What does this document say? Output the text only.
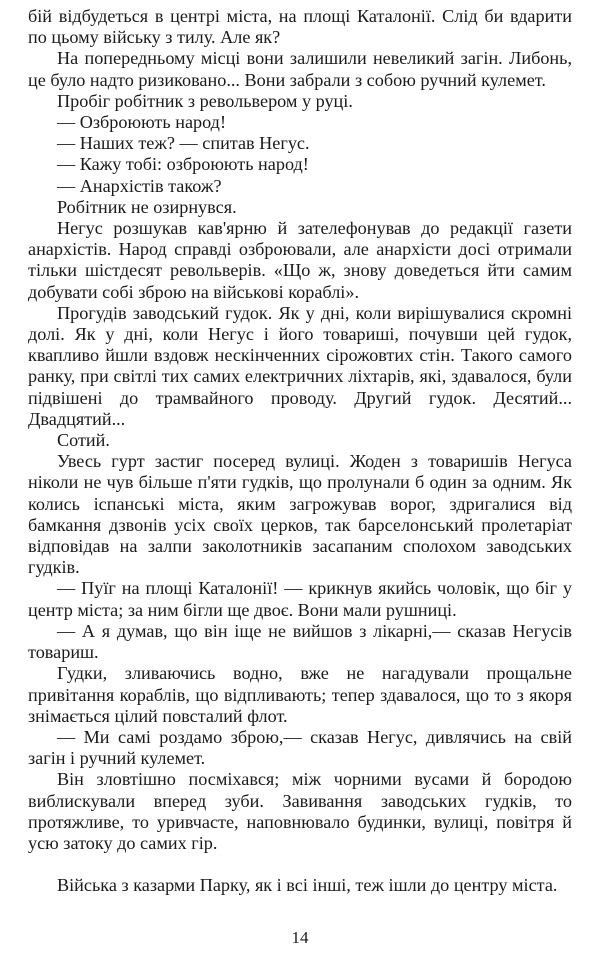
бій відбудеться в центрі міста, на площі Каталонії. Слід би вдарити по цьому війську з тилу. Але як?

На попередньому місці вони залишили невеликий загін. Либонь, це було надто ризиковано... Вони забрали з собою ручний кулемет.

Пробіг робітник з револьвером у руці.

— Озброюють народ!

— Наших теж? — спитав Негус.

— Кажу тобі: озброюють народ!

— Анархістів також?

Робітник не озирнувся.

Негус розшукав кав'ярню й зателефонував до редакції газети анархістів. Народ справді озброювали, але анархісти досі отримали тільки шістдесят револьверів. «Що ж, знову доведеться йти самим добувати собі зброю на військові кораблі».

Прогудів заводський гудок. Як у дні, коли вирішувалися скромні долі. Як у дні, коли Негус і його товариші, почувши цей гудок, квапливо йшли вздовж нескінченних сірожовтих стін. Такого самого ранку, при світлі тих самих електричних ліхтарів, які, здавалося, були підвішені до трамвайного проводу. Другий гудок. Десятий... Двадцятий...

Сотий.

Увесь гурт застиг посеред вулиці. Жоден з товаришів Негуса ніколи не чув більше п'яти гудків, що пролунали б один за одним. Як колись іспанські міста, яким загрожував ворог, здригалися від бамкання дзвонів усіх своїх церков, так барселонський пролетаріат відповідав на залпи заколотників засапаним сполохом заводських гудків.

— Пуїг на площі Каталонії! — крикнув якийсь чоловік, що біг у центр міста; за ним бігли ще двоє. Вони мали рушниці.

— А я думав, що він іще не вийшов з лікарні,— сказав Негусів товариш.

Гудки, зливаючись водно, вже не нагадували прощальне привітання кораблів, що відпливають; тепер здавалося, що то з якоря знімається цілий повсталий флот.

— Ми самі роздамо зброю,— сказав Негус, дивлячись на свій загін і ручний кулемет.

Він зловтішно посміхався; між чорними вусами й бородою виблискували вперед зуби. Завивання заводських гудків, то протяжливе, то уривчасте, наповнювало будинки, вулиці, повітря й усю затоку до самих гір.

Війська з казарми Парку, як і всі інші, теж ішли до центру міста.

14
